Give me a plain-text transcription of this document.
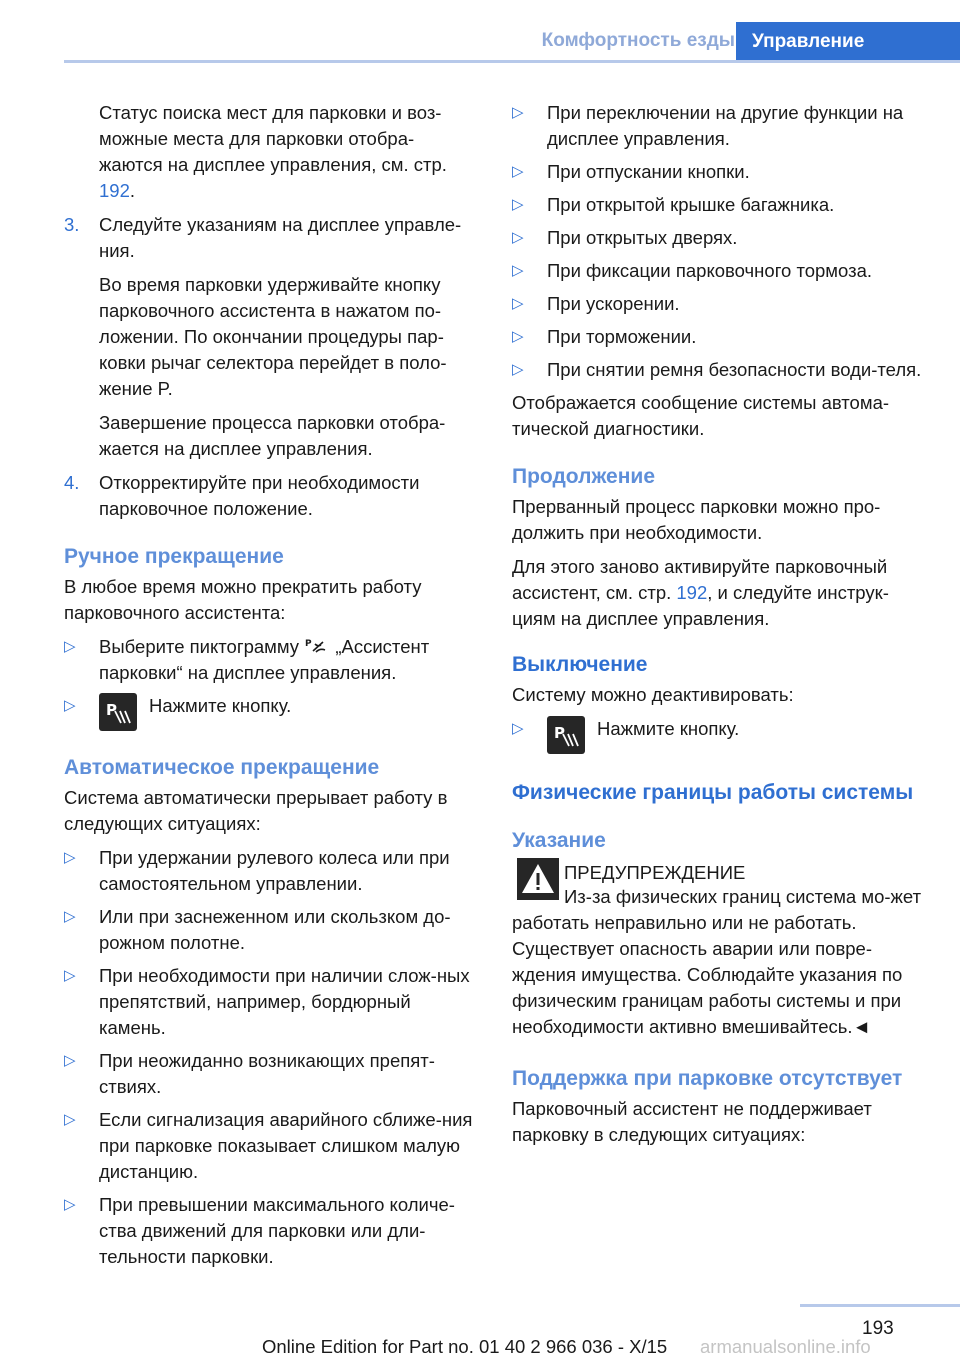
Комфортность езды Управление

Статус поиска мест для парковки и воз-можные места для парковки отобра-жаются на дисплее управления, см. стр. 192.

3.	Следуйте указаниям на дисплее управле-ния.

Во время парковки удерживайте кнопку парковочного ассистента в нажатом по-ложении. По окончании процедуры пар-ковки рычаг селектора перейдет в поло-жение P.

Завершение процесса парковки отобра-жается на дисплее управления.

4.	Откорректируйте при необходимости парковочное положение.
Ручное прекращение

В любое время можно прекратить работу парковочного ассистента:

▷	Выберите пиктограмму P „Ассистент парковки“ на дисплее управления.
▷	P Нажмите кнопку.
Автоматическое прекращение

Система автоматически прерывает работу в следующих ситуациях:

▷	При удержании рулевого колеса или при самостоятельном управлении.
▷	Или при заснеженном или скользком до-рожном полотне.
▷	При необходимости при наличии слож-ных препятствий, например, бордюрный камень.
▷	При неожиданно возникающих препят-ствиях.
▷	Если сигнализация аварийного сближе-ния при парковке показывает слишком малую дистанцию.
▷	При превышении максимального количе-ства движений для парковки или дли-тельности парковки.
▷	При переключении на другие функции на дисплее управления.
▷	При отпускании кнопки.
▷	При открытой крышке багажника.
▷	При открытых дверях.
▷	При фиксации парковочного тормоза.
▷	При ускорении.
▷	При торможении.
▷	При снятии ремня безопасности води-теля.

Отображается сообщение системы автома-тической диагностики.

Продолжение

Прерванный процесс парковки можно про-должить при необходимости.

Для этого заново активируйте парковочный ассистент, см. стр. 192, и следуйте инструк-циям на дисплее управления.

Выключение

Систему можно деактивировать:

▷	P Нажмите кнопку.
Физические границы работы системы
Указание
ПРЕДУПРЕЖДЕНИЕ

Из-за физических границ система мо-жет работать неправильно или не работать. Существует опасность аварии или повре-ждения имущества. Соблюдайте указания по физическим границам работы системы и при необходимости активно вмешивайтесь.◄

Поддержка при парковке отсутствует

Парковочный ассистент не поддерживает парковку в следующих ситуациях:

193
Online Edition for Part no. 01 40 2 966 036 - X/15 armanualsonline.info
